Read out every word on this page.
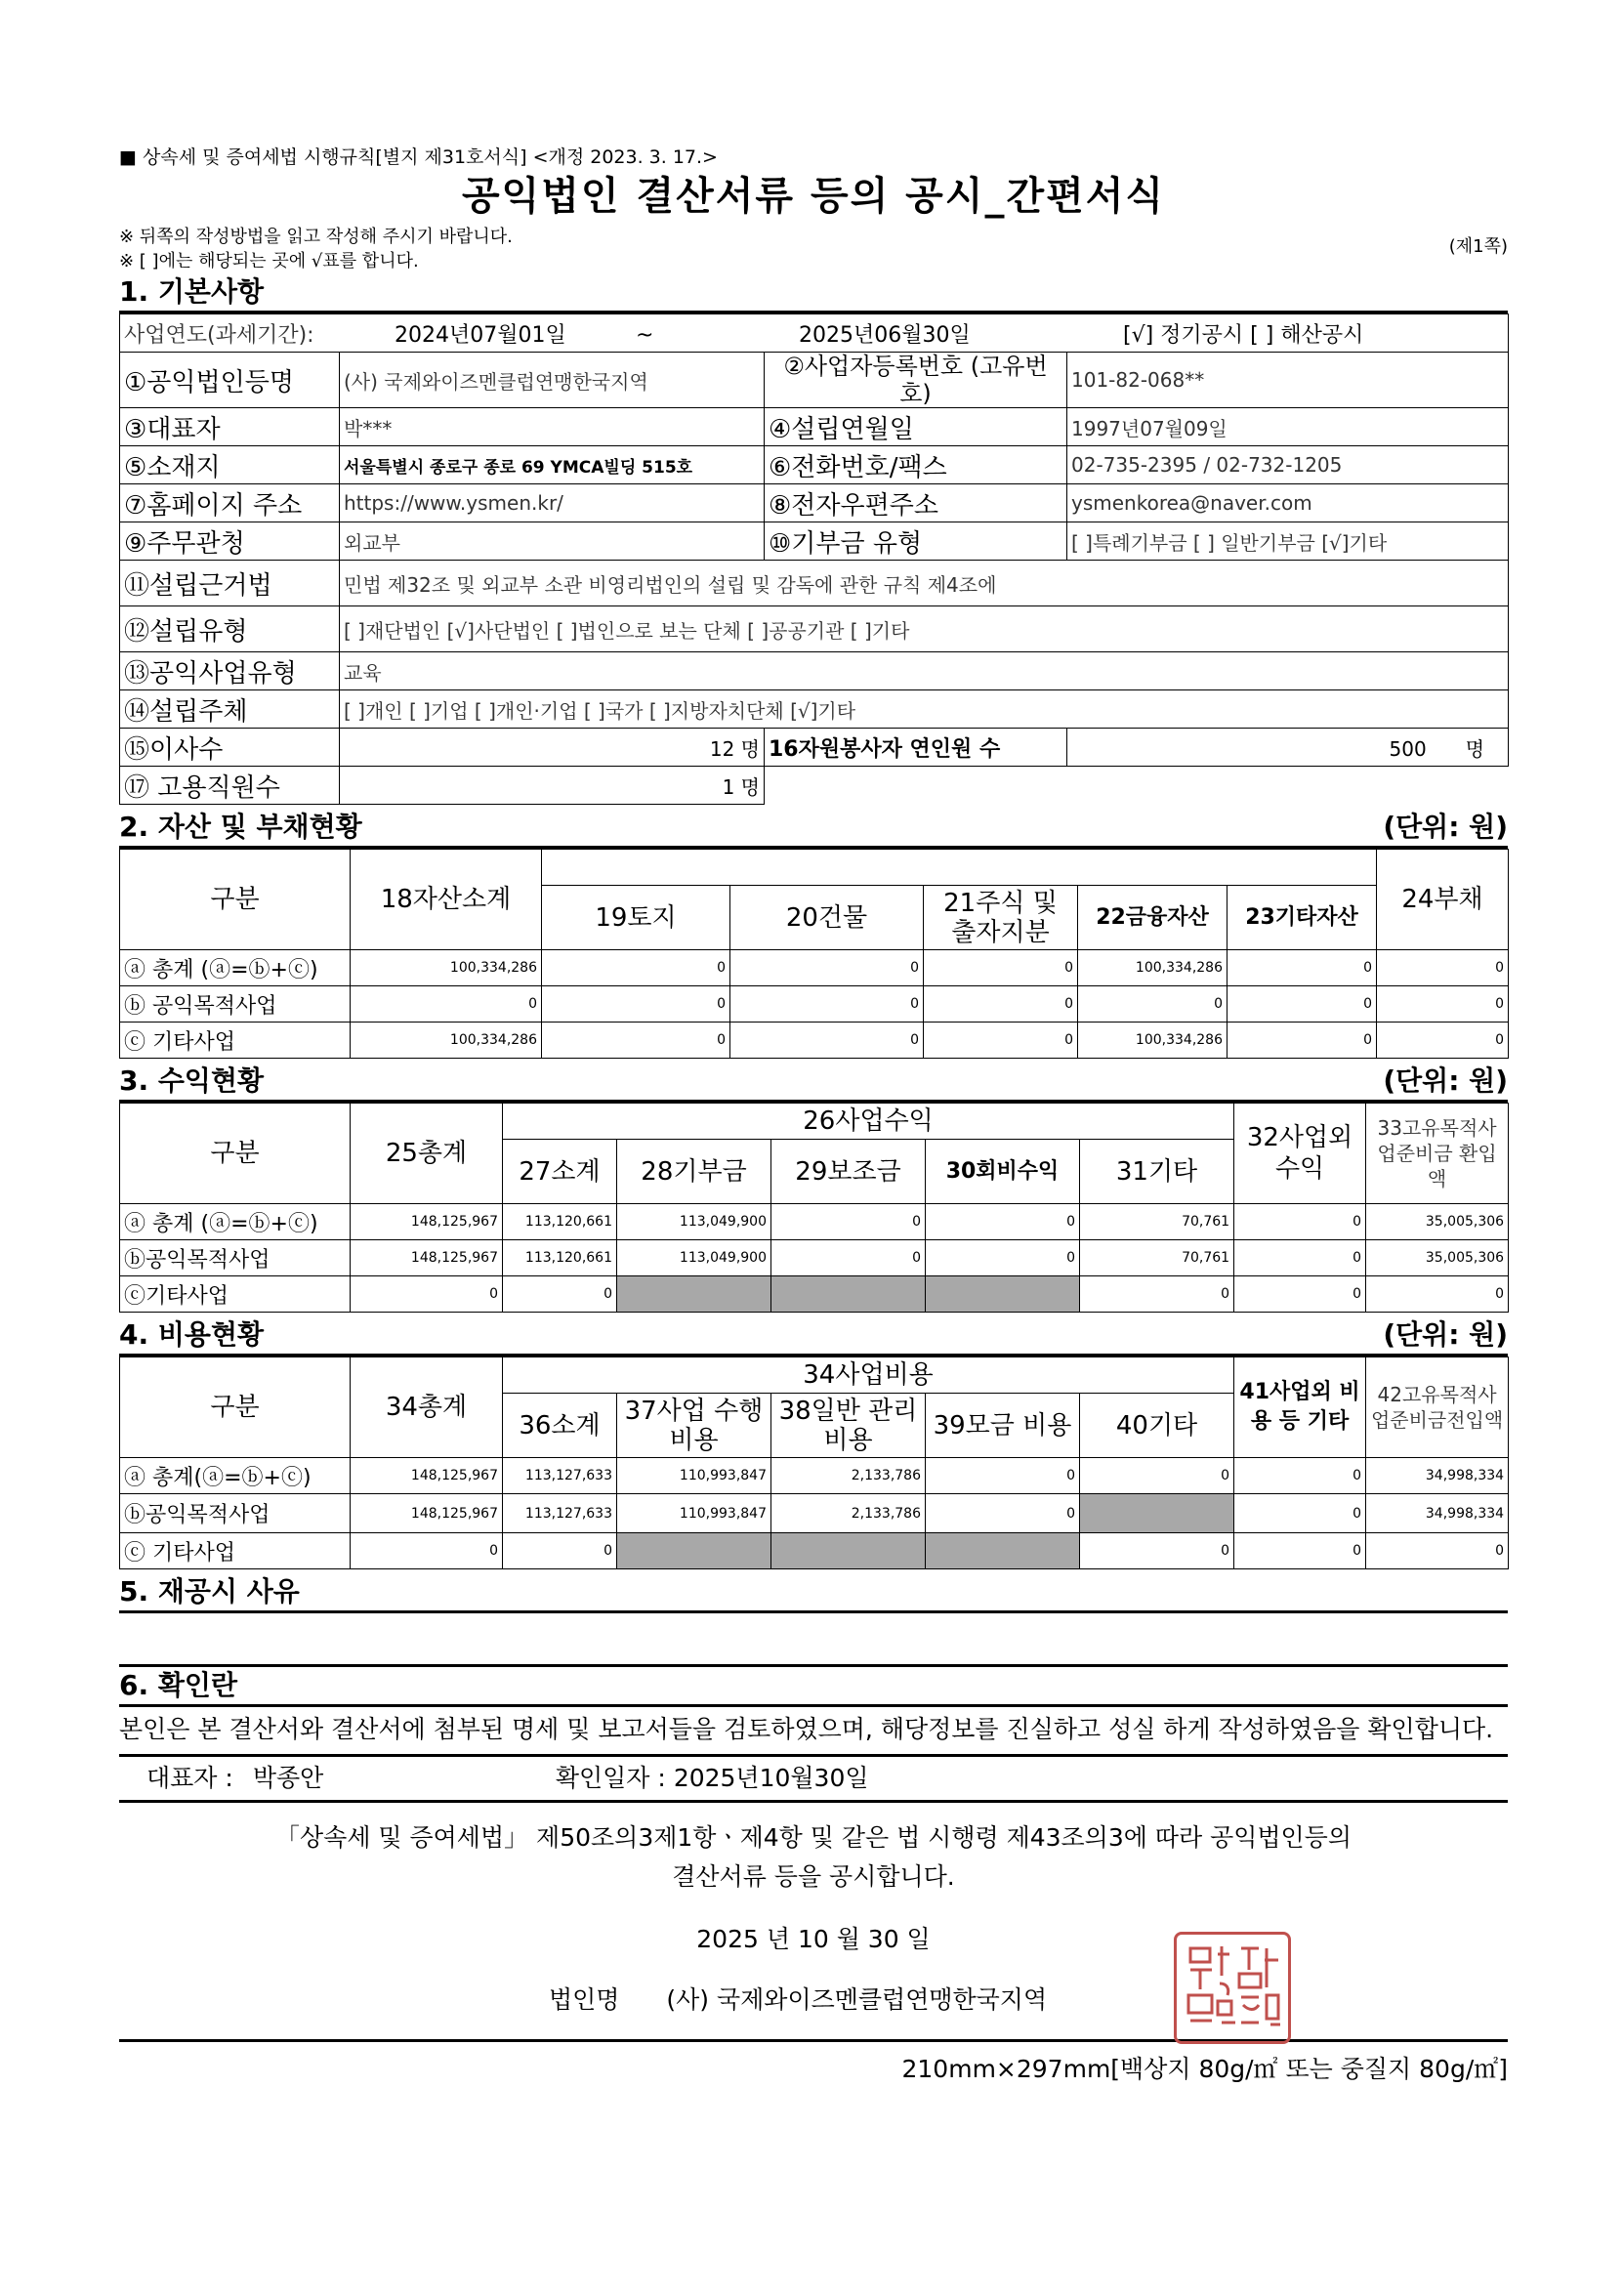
■ 상속세 및 증여세법 시행규칙[별지 제31호서식] <개정 2023. 3. 17.>
공익법인 결산서류 등의 공시_간편서식
※ 뒤쪽의 작성방법을 읽고 작성해 주시기 바랍니다.
※ [ ]에는 해당되는 곳에 √표를 합니다.
(제1쪽)
1. 기본사항
사업연도(과세기간): 2024년07월01일 ~ 2025년06월30일 [√] 정기공시 [ ] 해산공시			
①공익법인등명	(사) 국제와이즈멘클럽연맹한국지역	②사업자등록번호 (고유번호)	101-82-068**
③대표자	박***	④설립연월일	1997년07월09일
⑤소재지	서울특별시 종로구 종로 69 YMCA빌딩 515호	⑥전화번호/팩스	02-735-2395 / 02-732-1205
⑦홈페이지 주소	https://www.ysmen.kr/	⑧전자우편주소	ysmenkorea@naver.com
⑨주무관청	외교부	⑩기부금 유형	[ ]특례기부금 [ ] 일반기부금 [√]기타
⑪설립근거법	민법 제32조 및 외교부 소관 비영리법인의 설립 및 감독에 관한 규칙 제4조에		
⑫설립유형	[ ]재단법인 [√]사단법인 [ ]법인으로 보는 단체 [ ]공공기관 [ ]기타		
⑬공익사업유형	교육		
⑭설립주체	[ ]개인 [ ]기업 [ ]개인·기업 [ ]국가 [ ]지방자치단체 [√]기타		
⑮이사수	12 명	16자원봉사자 연인원 수	500 명
⑰ 고용직원수	1 명		
2. 자산 및 부채현황	(단위: 원)
구분	18자산소계						24부채
		19토지	20건물	21주식 및 출자지분	22금융자산	23기타자산	
ⓐ 총계 (ⓐ=ⓑ+ⓒ)	100,334,286	0	0	0	100,334,286	0	0
ⓑ 공익목적사업	0	0	0	0	0	0	0
ⓒ 기타사업	100,334,286	0	0	0	100,334,286	0	0
3. 수익현황	(단위: 원)
구분	25총계	26사업수익					32사업외 수익	33고유목적사업준비금 환입액
		27소계	28기부금	29보조금	30회비수익	31기타		
ⓐ 총계 (ⓐ=ⓑ+ⓒ)	148,125,967	113,120,661	113,049,900	0	0	70,761	0	35,005,306
ⓑ공익목적사업	148,125,967	113,120,661	113,049,900	0	0	70,761	0	35,005,306
ⓒ기타사업	0	0				0	0	0
4. 비용현황	(단위: 원)
구분	34총계	34사업비용					41사업외 비용 등 기타	42고유목적사업준비금전입액
		36소계	37사업 수행비용	38일반 관리비용	39모금 비용	40기타		
ⓐ 총계(ⓐ=ⓑ+ⓒ)	148,125,967	113,127,633	110,993,847	2,133,786	0	0	0	34,998,334
ⓑ공익목적사업	148,125,967	113,127,633	110,993,847	2,133,786	0		0	34,998,334
ⓒ 기타사업	0	0				0	0	0
5. 재공시 사유
6. 확인란
본인은 본 결산서와 결산서에 첨부된 명세 및 보고서들을 검토하였으며, 해당정보를 진실하고 성실 하게 작성하였음을 확인합니다.
대표자 : 박종안	확인일자 : 2025년10월30일
「상속세 및 증여세법」 제50조의3제1항ㆍ제4항 및 같은 법 시행령 제43조의3에 따라 공익법인등의
결산서류 등을 공시합니다.
2025 년 10 월 30 일
법인명 (사) 국제와이즈멘클럽연맹한국지역
210mm×297mm[백상지 80g/㎡ 또는 중질지 80g/㎡]
